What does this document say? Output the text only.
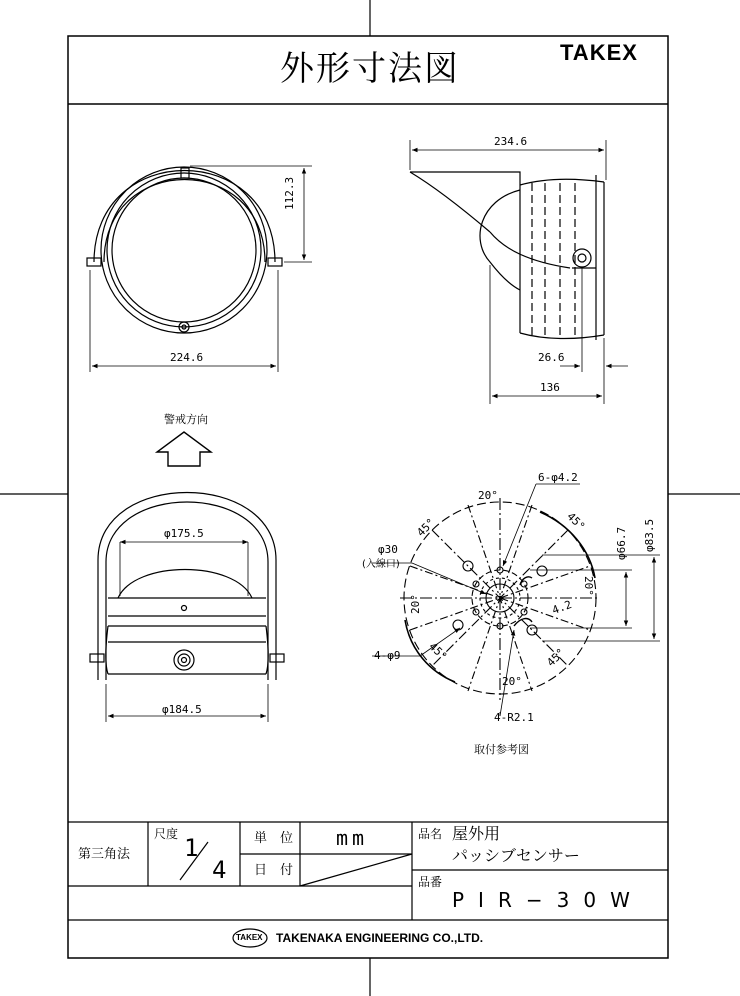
外形寸法図	TAKEX
112.3
224.6
234.6
26.6
136
警戒方向
φ175.5
φ184.5
6-φ4.2
20°
45°	45°
φ66.7 φ83.5
φ30
(入線口)
20°
20°
4.2
4-φ9 45°	45°
20°
4-R2.1
取付参考図
第三角法
尺度 1
4
単　位 mm
日　付
品名 屋外用
パッシブセンサー
品番
PIR−30W
TAKEX TAKENAKA ENGINEERING CO.,LTD.
